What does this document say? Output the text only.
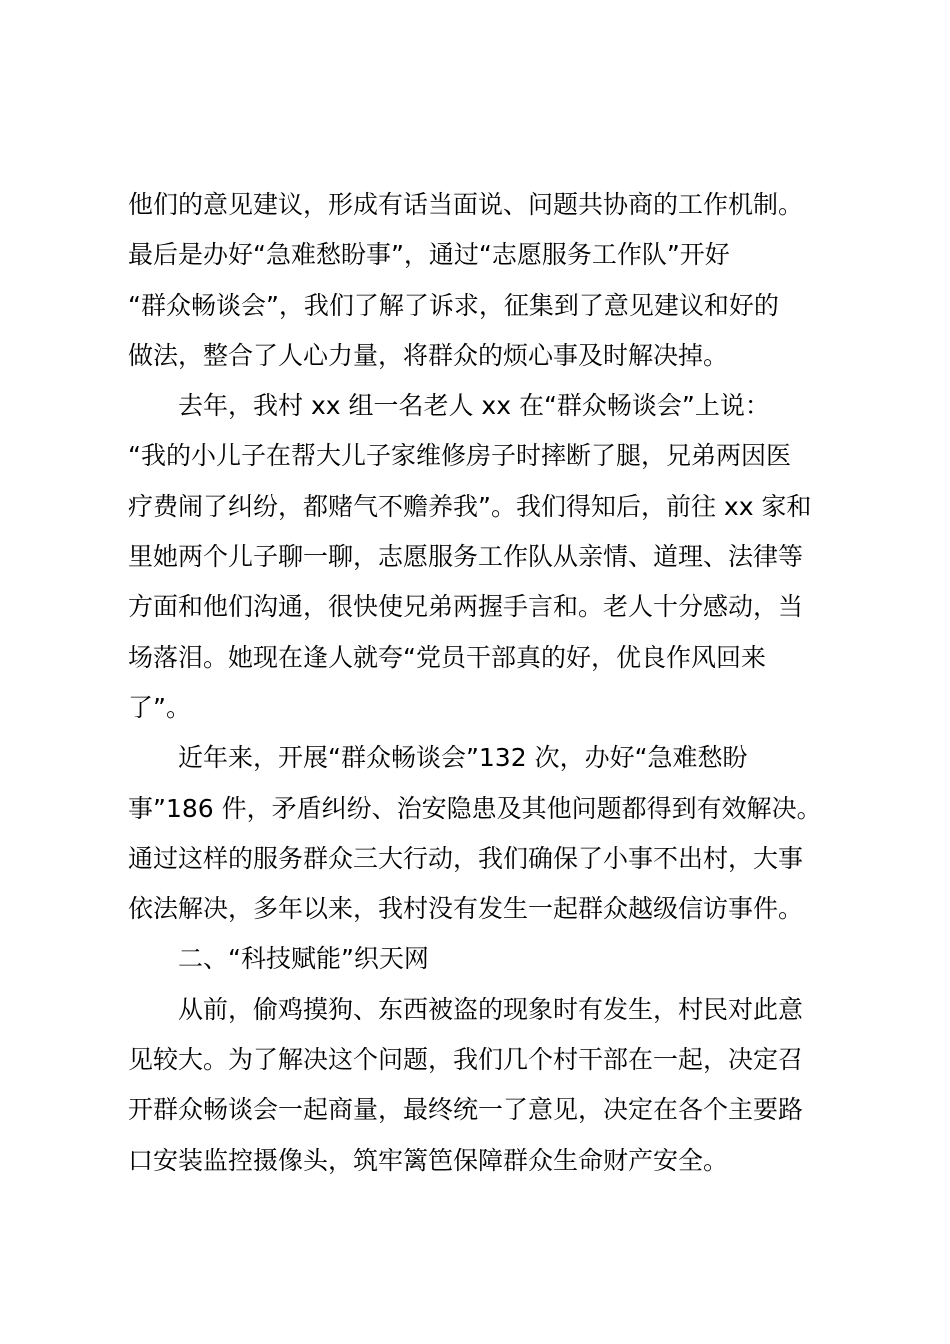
他们的意见建议，形成有话当面说、问题共协商的工作机制。
最后是办好“急难愁盼事”，通过“志愿服务工作队”开好
“群众畅谈会”，我们了解了诉求，征集到了意见建议和好的
做法，整合了人心力量，将群众的烦心事及时解决掉。
去年，我村 xx 组一名老人 xx 在“群众畅谈会”上说：
“我的小儿子在帮大儿子家维修房子时摔断了腿，兄弟两因医
疗费闹了纠纷，都赌气不赡养我”。我们得知后，前往 xx 家和
里她两个儿子聊一聊，志愿服务工作队从亲情、道理、法律等
方面和他们沟通，很快使兄弟两握手言和。老人十分感动，当
场落泪。她现在逢人就夸“党员干部真的好，优良作风回来
了”。
近年来，开展“群众畅谈会”132 次，办好“急难愁盼
事”186 件，矛盾纠纷、治安隐患及其他问题都得到有效解决。
通过这样的服务群众三大行动，我们确保了小事不出村，大事
依法解决，多年以来，我村没有发生一起群众越级信访事件。
二、“科技赋能”织天网
从前，偷鸡摸狗、东西被盗的现象时有发生，村民对此意
见较大。为了解决这个问题，我们几个村干部在一起，决定召
开群众畅谈会一起商量，最终统一了意见，决定在各个主要路
口安装监控摄像头，筑牢篱笆保障群众生命财产安全。
